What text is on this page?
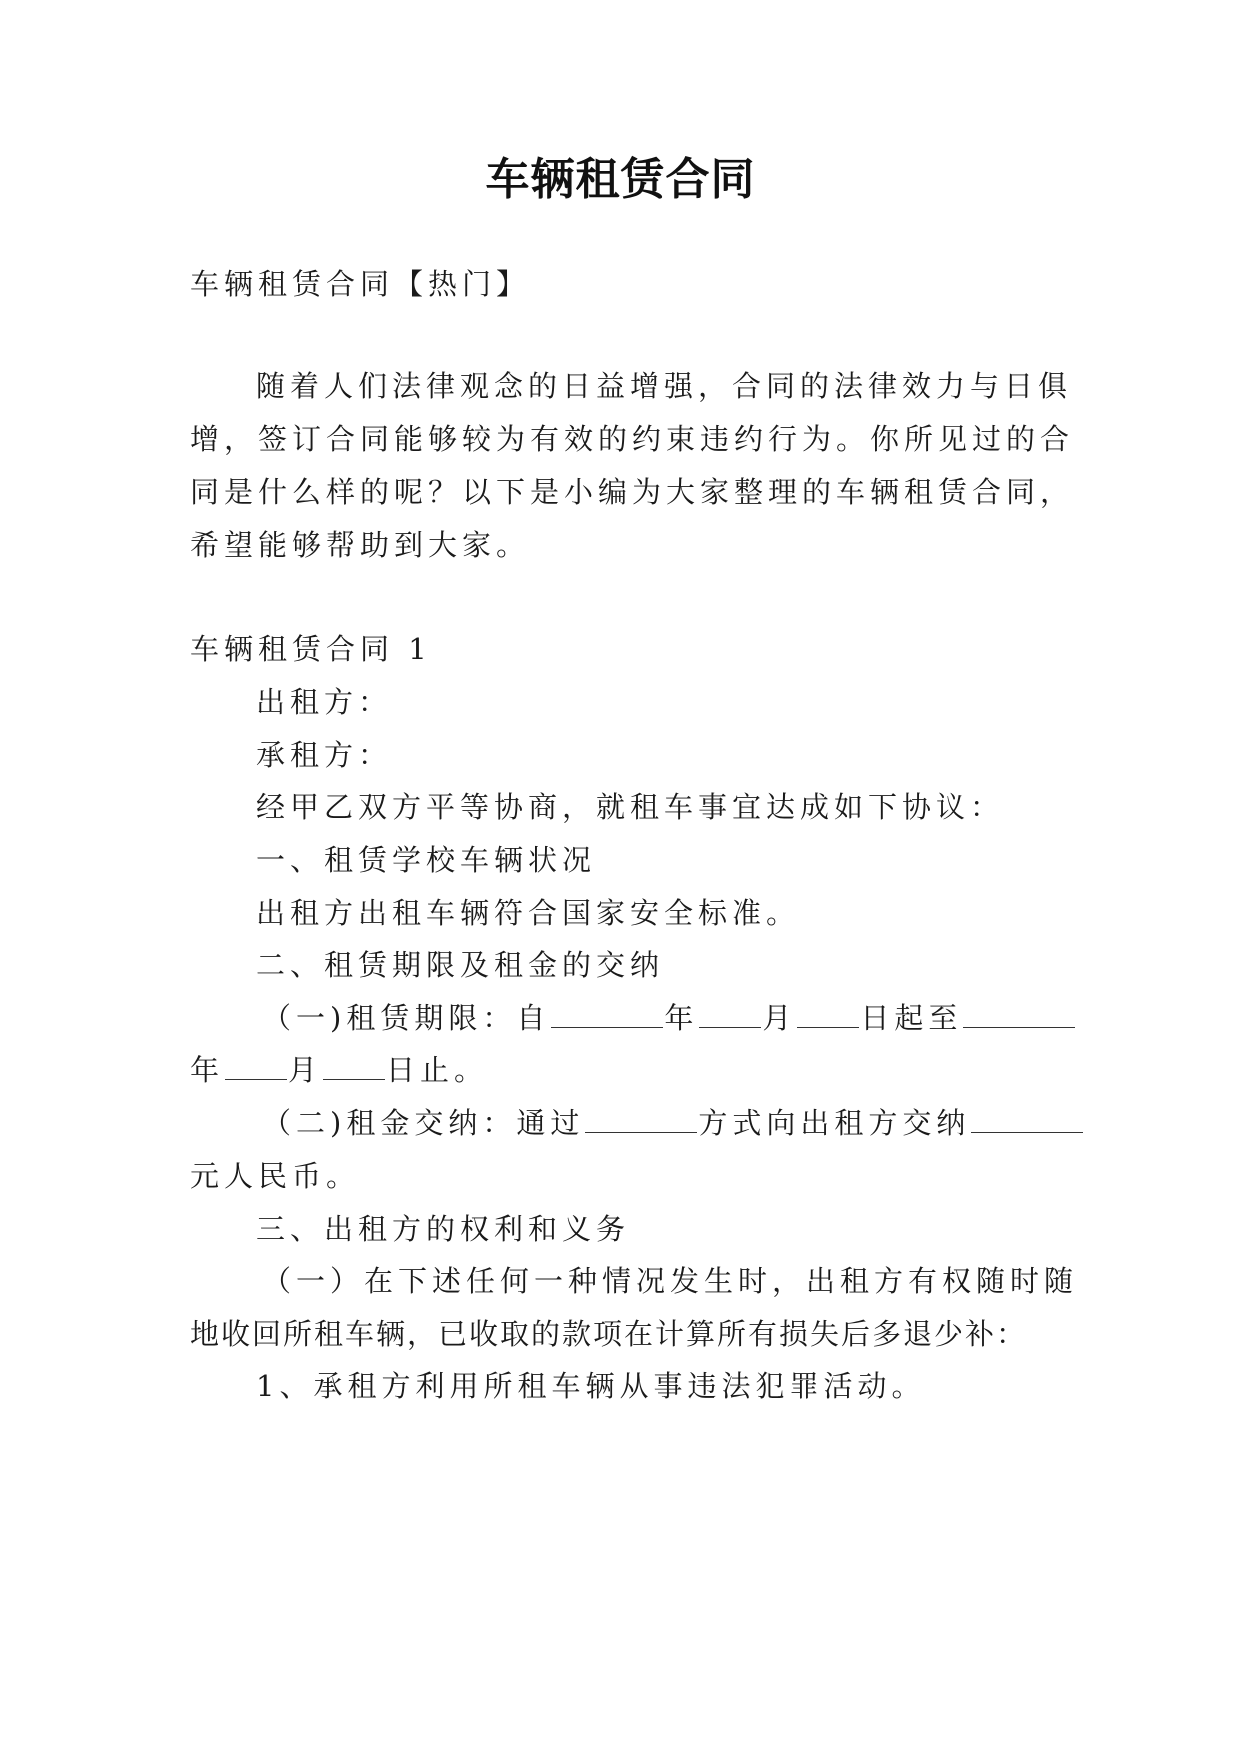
车辆租赁合同
车辆租赁合同【热门】
随着人们法律观念的日益增强，合同的法律效力与日俱
增，签订合同能够较为有效的约束违约行为。你所见过的合
同是什么样的呢？以下是小编为大家整理的车辆租赁合同，
希望能够帮助到大家。
车辆租赁合同 1
出租方：
承租方：
经甲乙双方平等协商，就租车事宜达成如下协议：
一、租赁学校车辆状况
出租方出租车辆符合国家安全标准。
二、租赁期限及租金的交纳
（一)租赁期限：自	年 月 日起至
年 月 日止。
（二)租金交纳：通过	方式向出租方交纳
元人民币。
三、出租方的权利和义务
（一）在下述任何一种情况发生时，出租方有权随时随
地收回所租车辆，已收取的款项在计算所有损失后多退少补：
1、承租方利用所租车辆从事违法犯罪活动。
